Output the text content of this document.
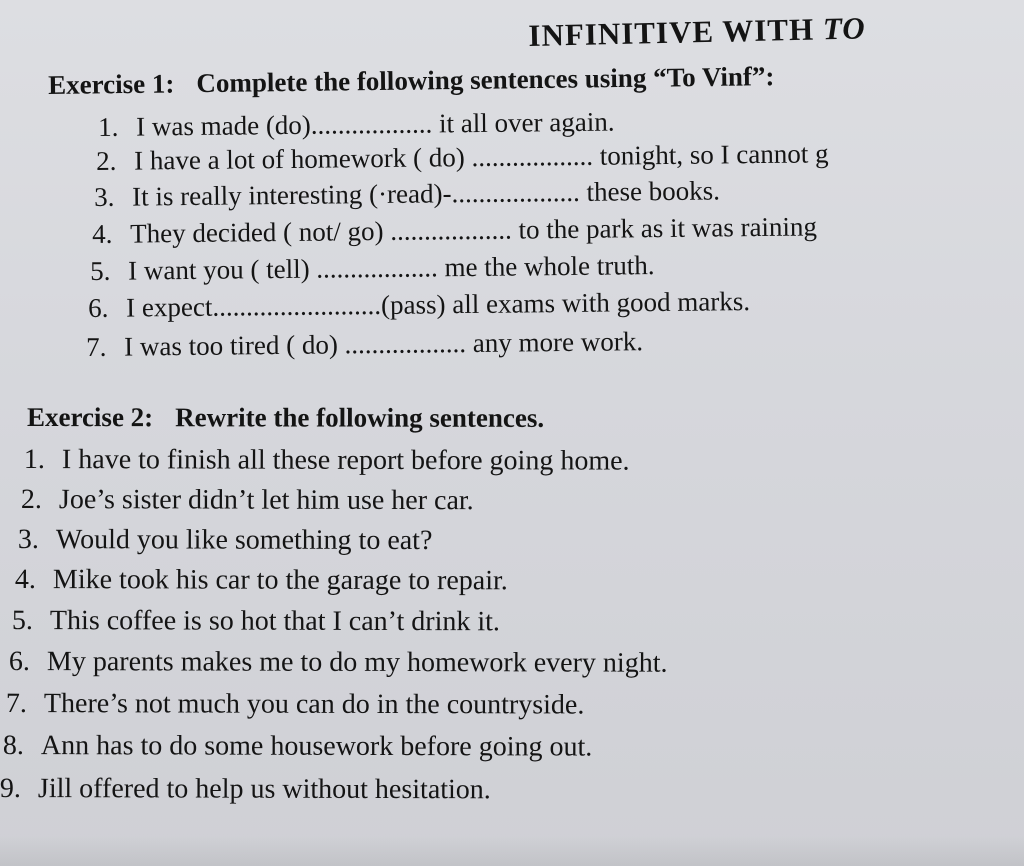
INFINITIVE WITH TO
Exercise 1: Complete the following sentences using “To Vinf”:
1. I was made (do).................. it all over again.
2. I have a lot of homework ( do) .................. tonight, so I cannot g
3. It is really interesting (·read)-................... these books.
4. They decided ( not/ go) .................. to the park as it was raining
5. I want you ( tell) .................. me the whole truth.
6. I expect.........................(pass) all exams with good marks.
7. I was too tired ( do) .................. any more work.
Exercise 2: Rewrite the following sentences.
1. I have to finish all these report before going home.
2. Joe’s sister didn’t let him use her car.
3. Would you like something to eat?
4. Mike took his car to the garage to repair.
5. This coffee is so hot that I can’t drink it.
6. My parents makes me to do my homework every night.
7. There’s not much you can do in the countryside.
8. Ann has to do some housework before going out.
9. Jill offered to help us without hesitation.
